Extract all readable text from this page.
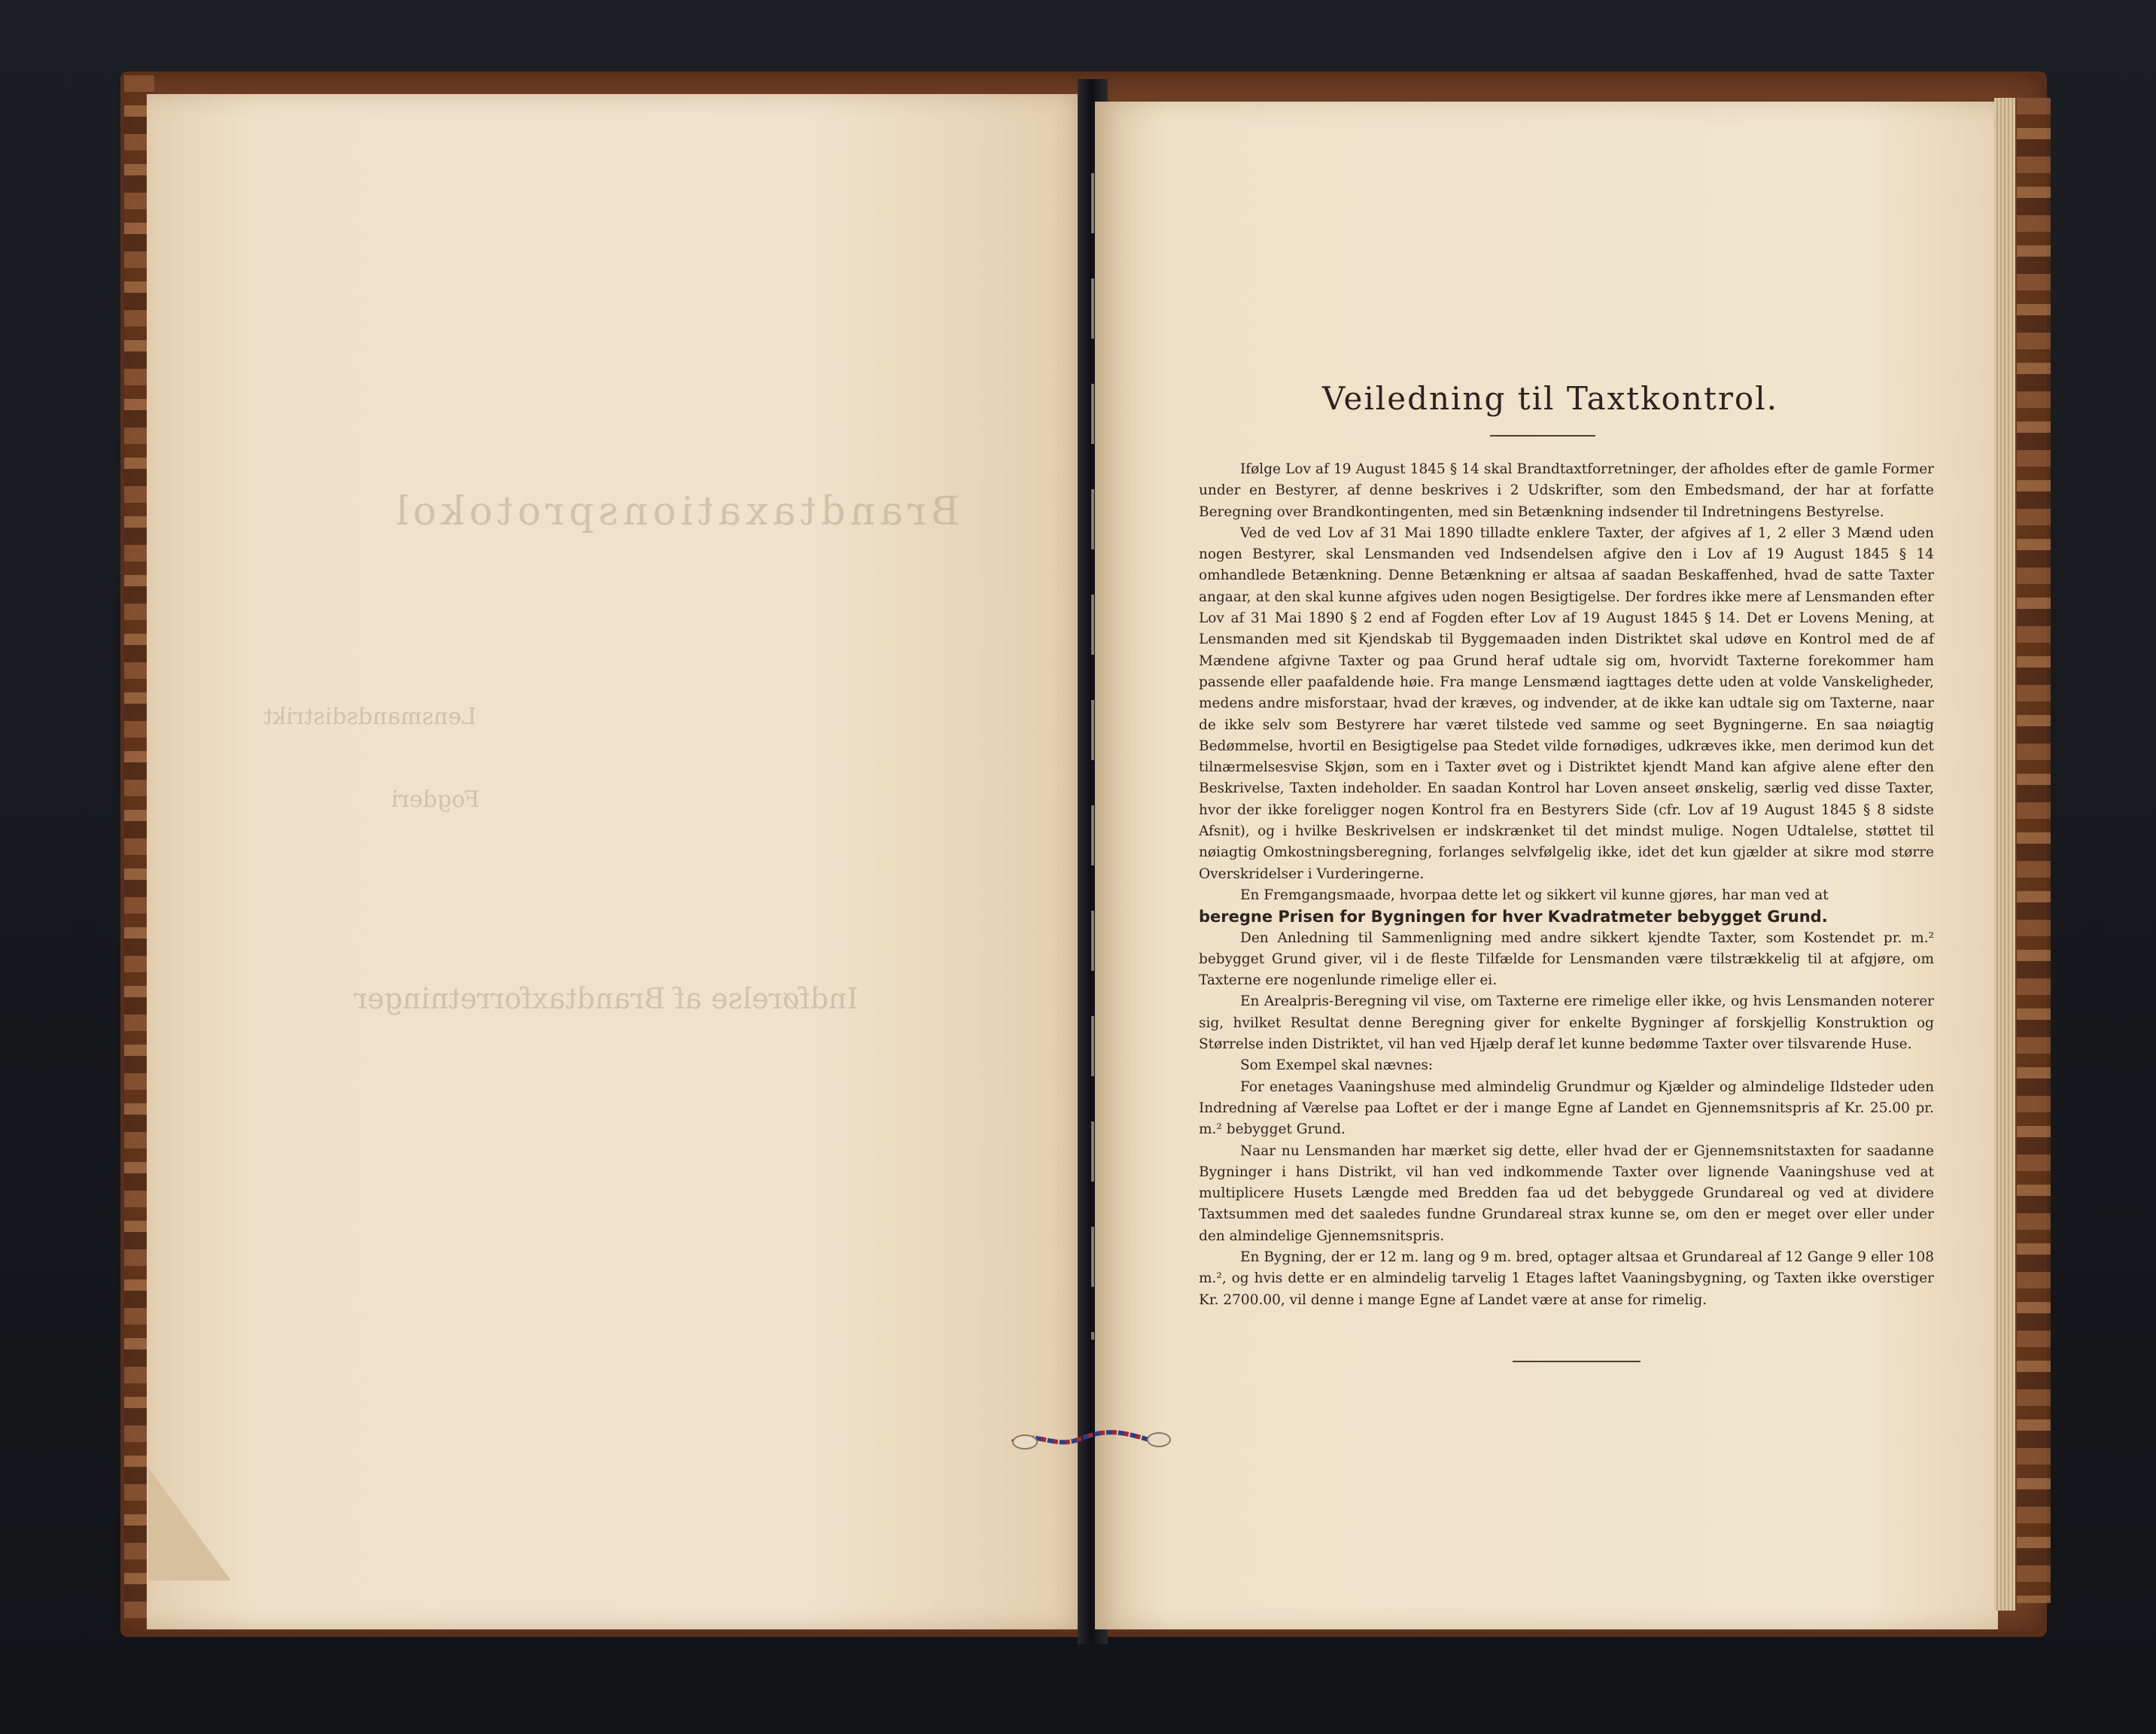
Brandtaxationsprotokol
Lensmandsdistrikt
Fogderi
Indførelse af Brandtaxforretninger
Veiledning til Taxtkontrol.

Ifølge Lov af 19 August 1845 § 14 skal Brandtaxtforretninger, der afholdes efter de gamle Former under en Bestyrer, af denne beskrives i 2 Udskrifter, som den Embedsmand, der har at forfatte Beregning over Brandkontingenten, med sin Betænkning indsender til Indretningens Bestyrelse.

Ved de ved Lov af 31 Mai 1890 tilladte enklere Taxter, der afgives af 1, 2 eller 3 Mænd uden nogen Bestyrer, skal Lensmanden ved Indsendelsen afgive den i Lov af 19 August 1845 § 14 omhandlede Betænkning. Denne Betænkning er altsaa af saadan Beskaffenhed, hvad de satte Taxter angaar, at den skal kunne afgives uden nogen Besigtigelse. Der fordres ikke mere af Lensmanden efter Lov af 31 Mai 1890 § 2 end af Fogden efter Lov af 19 August 1845 § 14. Det er Lovens Mening, at Lensmanden med sit Kjendskab til Byggemaaden inden Distriktet skal udøve en Kontrol med de af Mændene afgivne Taxter og paa Grund heraf udtale sig om, hvorvidt Taxterne forekommer ham passende eller paafaldende høie. Fra mange Lensmænd iagttages dette uden at volde Vanskeligheder, medens andre misforstaar, hvad der kræves, og indvender, at de ikke kan udtale sig om Taxterne, naar de ikke selv som Bestyrere har været tilstede ved samme og seet Bygningerne. En saa nøiagtig Bedømmelse, hvortil en Besigtigelse paa Stedet vilde fornødiges, udkræves ikke, men derimod kun det tilnærmelsesvise Skjøn, som en i Taxter øvet og i Distriktet kjendt Mand kan afgive alene efter den Beskrivelse, Taxten indeholder. En saadan Kontrol har Loven anseet ønskelig, særlig ved disse Taxter, hvor der ikke foreligger nogen Kontrol fra en Bestyrers Side (cfr. Lov af 19 August 1845 § 8 sidste Afsnit), og i hvilke Beskrivelsen er indskrænket til det mindst mulige. Nogen Udtalelse, støttet til nøiagtig Omkostningsberegning, forlanges selvfølgelig ikke, idet det kun gjælder at sikre mod større Overskridelser i Vurderingerne.

En Fremgangsmaade, hvorpaa dette let og sikkert vil kunne gjøres, har man ved at

beregne Prisen for Bygningen for hver Kvadratmeter bebygget Grund.

Den Anledning til Sammenligning med andre sikkert kjendte Taxter, som Kostendet pr. m.² bebygget Grund giver, vil i de fleste Tilfælde for Lensmanden være tilstrækkelig til at afgjøre, om Taxterne ere nogenlunde rimelige eller ei.

En Arealpris-Beregning vil vise, om Taxterne ere rimelige eller ikke, og hvis Lensmanden noterer sig, hvilket Resultat denne Beregning giver for enkelte Bygninger af forskjellig Konstruktion og Størrelse inden Distriktet, vil han ved Hjælp deraf let kunne bedømme Taxter over tilsvarende Huse.

Som Exempel skal nævnes:

For enetages Vaaningshuse med almindelig Grundmur og Kjælder og almindelige Ildsteder uden Indredning af Værelse paa Loftet er der i mange Egne af Landet en Gjennemsnitspris af Kr. 25.00 pr. m.² bebygget Grund.

Naar nu Lensmanden har mærket sig dette, eller hvad der er Gjennemsnitstaxten for saadanne Bygninger i hans Distrikt, vil han ved indkommende Taxter over lignende Vaaningshuse ved at multiplicere Husets Længde med Bredden faa ud det bebyggede Grundareal og ved at dividere Taxtsummen med det saaledes fundne Grundareal strax kunne se, om den er meget over eller under den almindelige Gjennemsnitspris.

En Bygning, der er 12 m. lang og 9 m. bred, optager altsaa et Grundareal af 12 Gange 9 eller 108 m.², og hvis dette er en almindelig tarvelig 1 Etages laftet Vaaningsbygning, og Taxten ikke overstiger Kr. 2700.00, vil denne i mange Egne af Landet være at anse for rimelig.
